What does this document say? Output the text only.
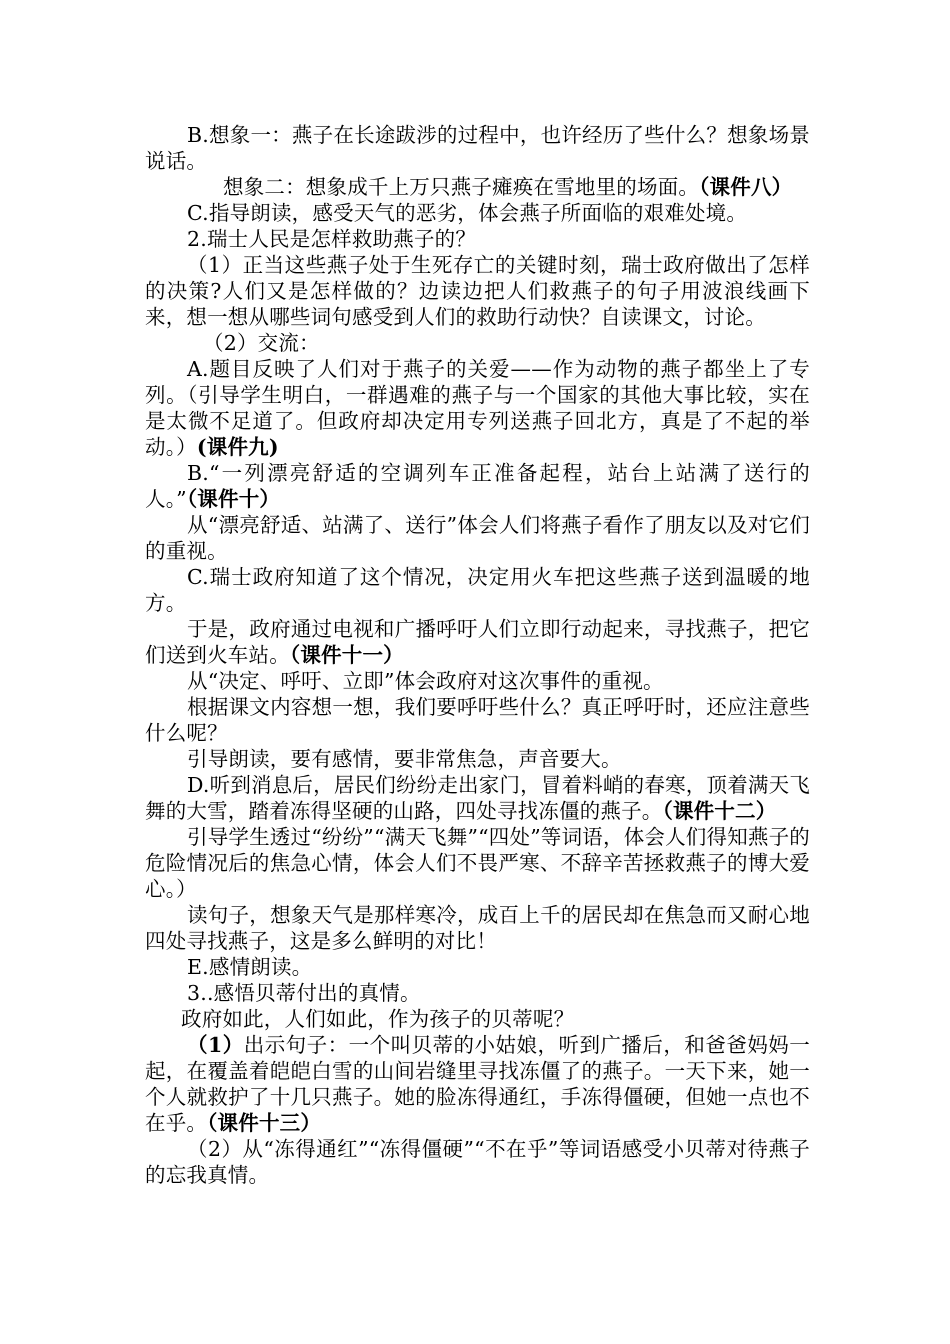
B.想象一：燕子在长途跋涉的过程中，也许经历了些什么？想象场景说话。

想象二：想象成千上万只燕子瘫痪在雪地里的场面。（课件八）

C.指导朗读，感受天气的恶劣，体会燕子所面临的艰难处境。

2.瑞士人民是怎样救助燕子的？

（1）正当这些燕子处于生死存亡的关键时刻，瑞士政府做出了怎样的决策?人们又是怎样做的？边读边把人们救燕子的句子用波浪线画下来，想一想从哪些词句感受到人们的救助行动快？自读课文，讨论。

（2）交流：

A.题目反映了人们对于燕子的关爱——作为动物的燕子都坐上了专列。（引导学生明白，一群遇难的燕子与一个国家的其他大事比较，实在是太微不足道了。但政府却决定用专列送燕子回北方，真是了不起的举动。）(课件九)

B.“一列漂亮舒适的空调列车正准备起程，站台上站满了送行的人。”（课件十）

从“漂亮舒适、站满了、送行”体会人们将燕子看作了朋友以及对它们的重视。

C.瑞士政府知道了这个情况，决定用火车把这些燕子送到温暖的地方。

于是，政府通过电视和广播呼吁人们立即行动起来，寻找燕子，把它们送到火车站。（课件十一）

从“决定、呼吁、立即”体会政府对这次事件的重视。

根据课文内容想一想，我们要呼吁些什么？真正呼吁时，还应注意些什么呢？

引导朗读，要有感情，要非常焦急，声音要大。

D.听到消息后，居民们纷纷走出家门，冒着料峭的春寒，顶着满天飞舞的大雪，踏着冻得坚硬的山路，四处寻找冻僵的燕子。（课件十二）

引导学生透过“纷纷”“满天飞舞”“四处”等词语，体会人们得知燕子的危险情况后的焦急心情，体会人们不畏严寒、不辞辛苦拯救燕子的博大爱心。）

读句子，想象天气是那样寒冷，成百上千的居民却在焦急而又耐心地四处寻找燕子，这是多么鲜明的对比！

E.感情朗读。

3..感悟贝蒂付出的真情。

政府如此，人们如此，作为孩子的贝蒂呢？

（1）出示句子：一个叫贝蒂的小姑娘，听到广播后，和爸爸妈妈一起，在覆盖着皑皑白雪的山间岩缝里寻找冻僵了的燕子。一天下来，她一个人就救护了十几只燕子。她的脸冻得通红，手冻得僵硬，但她一点也不在乎。（课件十三）

（2）从“冻得通红”“冻得僵硬”“不在乎”等词语感受小贝蒂对待燕子的忘我真情。
